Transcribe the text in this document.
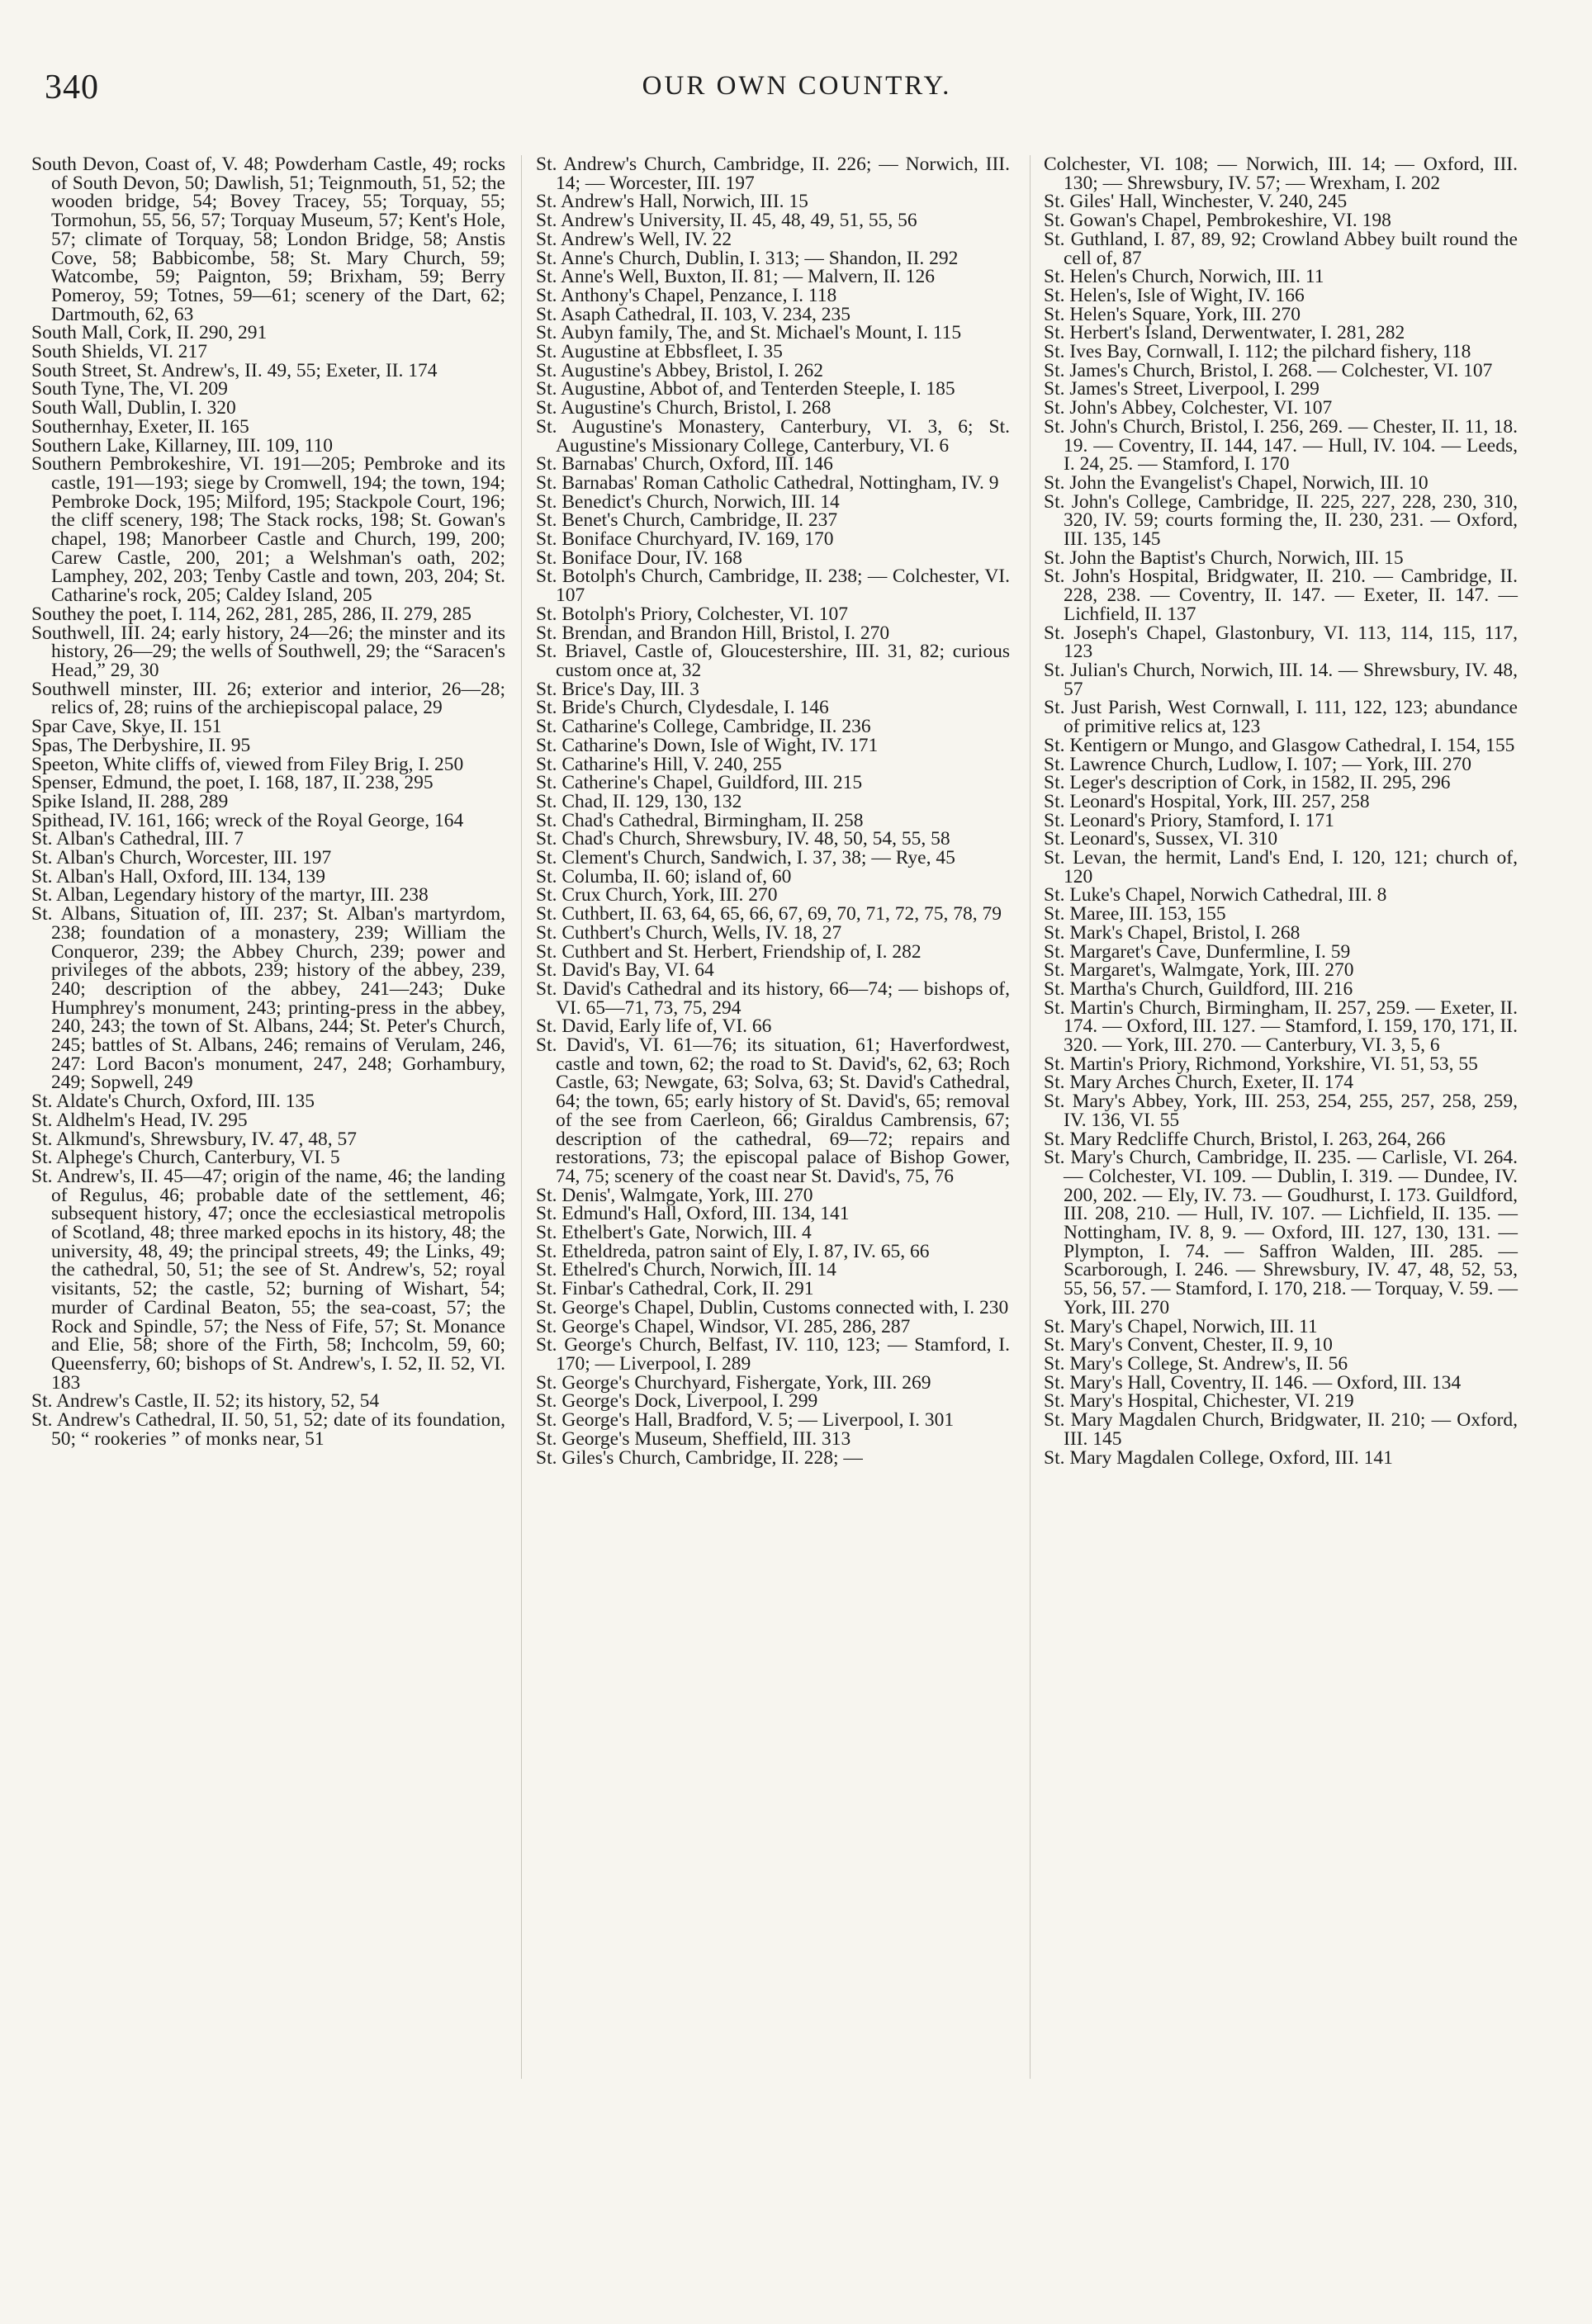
340	OUR OWN COUNTRY.

South Devon, Coast of, V. 48; Powderham Castle, 49; rocks of South Devon, 50; Dawlish, 51; Teignmouth, 51, 52; the wooden bridge, 54; Bovey Tracey, 55; Torquay, 55; Tormohun, 55, 56, 57; Torquay Museum, 57; Kent's Hole, 57; climate of Torquay, 58; London Bridge, 58; Anstis Cove, 58; Babbicombe, 58; St. Mary Church, 59; Watcombe, 59; Paignton, 59; Brixham, 59; Berry Pomeroy, 59; Totnes, 59—61; scenery of the Dart, 62; Dartmouth, 62, 63

South Mall, Cork, II. 290, 291

South Shields, VI. 217

South Street, St. Andrew's, II. 49, 55; Exeter, II. 174

South Tyne, The, VI. 209

South Wall, Dublin, I. 320

Southernhay, Exeter, II. 165

Southern Lake, Killarney, III. 109, 110

Southern Pembrokeshire, VI. 191—205; Pembroke and its castle, 191—193; siege by Cromwell, 194; the town, 194; Pembroke Dock, 195; Milford, 195; Stackpole Court, 196; the cliff scenery, 198; The Stack rocks, 198; St. Gowan's chapel, 198; Manorbeer Castle and Church, 199, 200; Carew Castle, 200, 201; a Welshman's oath, 202; Lamphey, 202, 203; Tenby Castle and town, 203, 204; St. Catharine's rock, 205; Caldey Island, 205

Southey the poet, I. 114, 262, 281, 285, 286, II. 279, 285

Southwell, III. 24; early history, 24—26; the minster and its history, 26—29; the wells of Southwell, 29; the “Saracen's Head,” 29, 30

Southwell minster, III. 26; exterior and interior, 26—28; relics of, 28; ruins of the archiepiscopal palace, 29

Spar Cave, Skye, II. 151

Spas, The Derbyshire, II. 95

Speeton, White cliffs of, viewed from Filey Brig, I. 250

Spenser, Edmund, the poet, I. 168, 187, II. 238, 295

Spike Island, II. 288, 289

Spithead, IV. 161, 166; wreck of the Royal George, 164

St. Alban's Cathedral, III. 7

St. Alban's Church, Worcester, III. 197

St. Alban's Hall, Oxford, III. 134, 139

St. Alban, Legendary history of the martyr, III. 238

St. Albans, Situation of, III. 237; St. Alban's martyrdom, 238; foundation of a monastery, 239; William the Conqueror, 239; the Abbey Church, 239; power and privileges of the abbots, 239; history of the abbey, 239, 240; description of the abbey, 241—243; Duke Humphrey's monument, 243; printing-press in the abbey, 240, 243; the town of St. Albans, 244; St. Peter's Church, 245; battles of St. Albans, 246; remains of Verulam, 246, 247: Lord Bacon's monument, 247, 248; Gorhambury, 249; Sopwell, 249

St. Aldate's Church, Oxford, III. 135

St. Aldhelm's Head, IV. 295

St. Alkmund's, Shrewsbury, IV. 47, 48, 57

St. Alphege's Church, Canterbury, VI. 5

St. Andrew's, II. 45—47; origin of the name, 46; the landing of Regulus, 46; probable date of the settlement, 46; subsequent history, 47; once the ecclesiastical metropolis of Scotland, 48; three marked epochs in its history, 48; the university, 48, 49; the principal streets, 49; the Links, 49; the cathedral, 50, 51; the see of St. Andrew's, 52; royal visitants, 52; the castle, 52; burning of Wishart, 54; murder of Cardinal Beaton, 55; the sea-coast, 57; the Rock and Spindle, 57; the Ness of Fife, 57; St. Monance and Elie, 58; shore of the Firth, 58; Inchcolm, 59, 60; Queensferry, 60; bishops of St. Andrew's, I. 52, II. 52, VI. 183

St. Andrew's Castle, II. 52; its history, 52, 54

St. Andrew's Cathedral, II. 50, 51, 52; date of its foundation, 50; “ rookeries ” of monks near, 51

St. Andrew's Church, Cambridge, II. 226; — Norwich, III. 14; — Worcester, III. 197

St. Andrew's Hall, Norwich, III. 15

St. Andrew's University, II. 45, 48, 49, 51, 55, 56

St. Andrew's Well, IV. 22

St. Anne's Church, Dublin, I. 313; — Shandon, II. 292

St. Anne's Well, Buxton, II. 81; — Malvern, II. 126

St. Anthony's Chapel, Penzance, I. 118

St. Asaph Cathedral, II. 103, V. 234, 235

St. Aubyn family, The, and St. Michael's Mount, I. 115

St. Augustine at Ebbsfleet, I. 35

St. Augustine's Abbey, Bristol, I. 262

St. Augustine, Abbot of, and Tenterden Steeple, I. 185

St. Augustine's Church, Bristol, I. 268

St. Augustine's Monastery, Canterbury, VI. 3, 6; St. Augustine's Missionary College, Canterbury, VI. 6

St. Barnabas' Church, Oxford, III. 146

St. Barnabas' Roman Catholic Cathedral, Nottingham, IV. 9

St. Benedict's Church, Norwich, III. 14

St. Benet's Church, Cambridge, II. 237

St. Boniface Churchyard, IV. 169, 170

St. Boniface Dour, IV. 168

St. Botolph's Church, Cambridge, II. 238; — Colchester, VI. 107

St. Botolph's Priory, Colchester, VI. 107

St. Brendan, and Brandon Hill, Bristol, I. 270

St. Briavel, Castle of, Gloucestershire, III. 31, 82; curious custom once at, 32

St. Brice's Day, III. 3

St. Bride's Church, Clydesdale, I. 146

St. Catharine's College, Cambridge, II. 236

St. Catharine's Down, Isle of Wight, IV. 171

St. Catharine's Hill, V. 240, 255

St. Catherine's Chapel, Guildford, III. 215

St. Chad, II. 129, 130, 132

St. Chad's Cathedral, Birmingham, II. 258

St. Chad's Church, Shrewsbury, IV. 48, 50, 54, 55, 58

St. Clement's Church, Sandwich, I. 37, 38; — Rye, 45

St. Columba, II. 60; island of, 60

St. Crux Church, York, III. 270

St. Cuthbert, II. 63, 64, 65, 66, 67, 69, 70, 71, 72, 75, 78, 79

St. Cuthbert's Church, Wells, IV. 18, 27

St. Cuthbert and St. Herbert, Friendship of, I. 282

St. David's Bay, VI. 64

St. David's Cathedral and its history, 66—74; — bishops of, VI. 65—71, 73, 75, 294

St. David, Early life of, VI. 66

St. David's, VI. 61—76; its situation, 61; Haverfordwest, castle and town, 62; the road to St. David's, 62, 63; Roch Castle, 63; Newgate, 63; Solva, 63; St. David's Cathedral, 64; the town, 65; early history of St. David's, 65; removal of the see from Caerleon, 66; Giraldus Cambrensis, 67; description of the cathedral, 69—72; repairs and restorations, 73; the episcopal palace of Bishop Gower, 74, 75; scenery of the coast near St. David's, 75, 76

St. Denis', Walmgate, York, III. 270

St. Edmund's Hall, Oxford, III. 134, 141

St. Ethelbert's Gate, Norwich, III. 4

St. Etheldreda, patron saint of Ely, I. 87, IV. 65, 66

St. Ethelred's Church, Norwich, III. 14

St. Finbar's Cathedral, Cork, II. 291

St. George's Chapel, Dublin, Customs connected with, I. 230

St. George's Chapel, Windsor, VI. 285, 286, 287

St. George's Church, Belfast, IV. 110, 123; — Stamford, I. 170; — Liverpool, I. 289

St. George's Churchyard, Fishergate, York, III. 269

St. George's Dock, Liverpool, I. 299

St. George's Hall, Bradford, V. 5; — Liverpool, I. 301

St. George's Museum, Sheffield, III. 313

St. Giles's Church, Cambridge, II. 228; —

Colchester, VI. 108; — Norwich, III. 14; — Oxford, III. 130; — Shrewsbury, IV. 57; — Wrexham, I. 202

St. Giles' Hall, Winchester, V. 240, 245

St. Gowan's Chapel, Pembrokeshire, VI. 198

St. Guthland, I. 87, 89, 92; Crowland Abbey built round the cell of, 87

St. Helen's Church, Norwich, III. 11

St. Helen's, Isle of Wight, IV. 166

St. Helen's Square, York, III. 270

St. Herbert's Island, Derwentwater, I. 281, 282

St. Ives Bay, Cornwall, I. 112; the pilchard fishery, 118

St. James's Church, Bristol, I. 268. — Colchester, VI. 107

St. James's Street, Liverpool, I. 299

St. John's Abbey, Colchester, VI. 107

St. John's Church, Bristol, I. 256, 269. — Chester, II. 11, 18. 19. — Coventry, II. 144, 147. — Hull, IV. 104. — Leeds, I. 24, 25. — Stamford, I. 170

St. John the Evangelist's Chapel, Norwich, III. 10

St. John's College, Cambridge, II. 225, 227, 228, 230, 310, 320, IV. 59; courts forming the, II. 230, 231. — Oxford, III. 135, 145

St. John the Baptist's Church, Norwich, III. 15

St. John's Hospital, Bridgwater, II. 210. — Cambridge, II. 228, 238. — Coventry, II. 147. — Exeter, II. 147. — Lichfield, II. 137

St. Joseph's Chapel, Glastonbury, VI. 113, 114, 115, 117, 123

St. Julian's Church, Norwich, III. 14. — Shrewsbury, IV. 48, 57

St. Just Parish, West Cornwall, I. 111, 122, 123; abundance of primitive relics at, 123

St. Kentigern or Mungo, and Glasgow Cathedral, I. 154, 155

St. Lawrence Church, Ludlow, I. 107; — York, III. 270

St. Leger's description of Cork, in 1582, II. 295, 296

St. Leonard's Hospital, York, III. 257, 258

St. Leonard's Priory, Stamford, I. 171

St. Leonard's, Sussex, VI. 310

St. Levan, the hermit, Land's End, I. 120, 121; church of, 120

St. Luke's Chapel, Norwich Cathedral, III. 8

St. Maree, III. 153, 155

St. Mark's Chapel, Bristol, I. 268

St. Margaret's Cave, Dunfermline, I. 59

St. Margaret's, Walmgate, York, III. 270

St. Martha's Church, Guildford, III. 216

St. Martin's Church, Birmingham, II. 257, 259. — Exeter, II. 174. — Oxford, III. 127. — Stamford, I. 159, 170, 171, II. 320. — York, III. 270. — Canterbury, VI. 3, 5, 6

St. Martin's Priory, Richmond, Yorkshire, VI. 51, 53, 55

St. Mary Arches Church, Exeter, II. 174

St. Mary's Abbey, York, III. 253, 254, 255, 257, 258, 259, IV. 136, VI. 55

St. Mary Redcliffe Church, Bristol, I. 263, 264, 266

St. Mary's Church, Cambridge, II. 235. — Carlisle, VI. 264. — Colchester, VI. 109. — Dublin, I. 319. — Dundee, IV. 200, 202. — Ely, IV. 73. — Goudhurst, I. 173. Guildford, III. 208, 210. — Hull, IV. 107. — Lichfield, II. 135. — Nottingham, IV. 8, 9. — Oxford, III. 127, 130, 131. — Plympton, I. 74. — Saffron Walden, III. 285. — Scarborough, I. 246. — Shrewsbury, IV. 47, 48, 52, 53, 55, 56, 57. — Stamford, I. 170, 218. — Torquay, V. 59. — York, III. 270

St. Mary's Chapel, Norwich, III. 11

St. Mary's Convent, Chester, II. 9, 10

St. Mary's College, St. Andrew's, II. 56

St. Mary's Hall, Coventry, II. 146. — Oxford, III. 134

St. Mary's Hospital, Chichester, VI. 219

St. Mary Magdalen Church, Bridgwater, II. 210; — Oxford, III. 145

St. Mary Magdalen College, Oxford, III. 141
